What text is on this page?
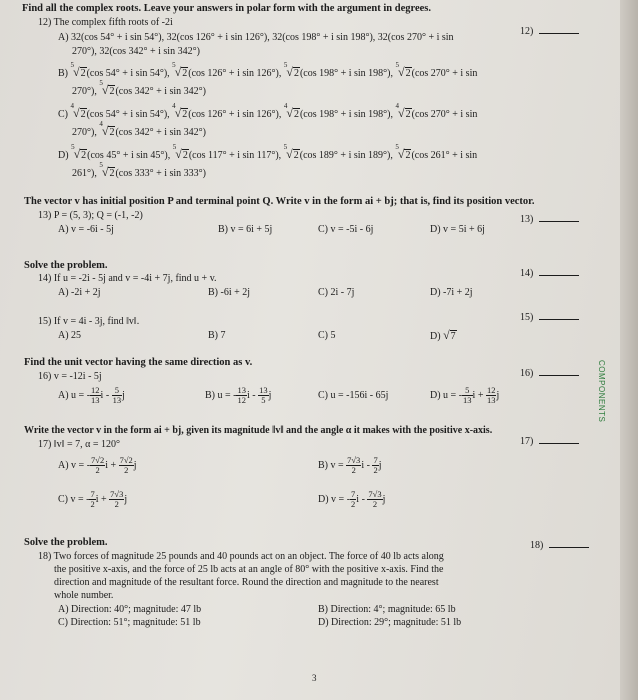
Find all the complex roots. Leave your answers in polar form with the argument in degrees.
12) The complex fifth roots of -2i
12)
A) 32(cos 54° + i sin 54°), 32(cos 126° + i sin 126°), 32(cos 198° + i sin 198°), 32(cos 270° + i sin
270°), 32(cos 342° + i sin 342°)
B) $^5$√2(cos 54° + i sin 54°), $^5$√2(cos 126° + i sin 126°), $^5$√2(cos 198° + i sin 198°), $^5$√2(cos 270° + i sin
270°), $^5$√2(cos 342° + i sin 342°)
C) $^4$√2(cos 54° + i sin 54°), $^4$√2(cos 126° + i sin 126°), $^4$√2(cos 198° + i sin 198°), $^4$√2(cos 270° + i sin
270°), $^4$√2(cos 342° + i sin 342°)
D) $^5$√2(cos 45° + i sin 45°), $^5$√2(cos 117° + i sin 117°), $^5$√2(cos 189° + i sin 189°), $^5$√2(cos 261° + i sin
261°), $^5$√2(cos 333° + i sin 333°)
The vector v has initial position P and terminal point Q. Write v in the form ai + bj; that is, find its position vector.
13) P = (5, 3); Q = (-1, -2)	13)
A) v = -6i - 5j	B) v = 6i + 5j	C) v = -5i - 6j	D) v = 5i + 6j
Solve the problem.
14) If u = -2i - 5j and v = -4i + 7j, find u + v.	14)
A) -2i + 2j	B) -6i + 2j	C) 2i - 7j	D) -7i + 2j
15) If v = 4i - 3j, find ‖v‖.	15)
A) 25	B) 7	C) 5	D) √7
Find the unit vector having the same direction as v.
16) v = -12i - 5j	16)
A) u = - $\frac{12}{13}$ i - $\frac{5}{13}$ j	B) u = - $\frac{13}{12}$ i - $\frac{13}{5}$ j	C) u = -156i - 65j	D) u = - $\frac{5}{13}$ $i + \frac{12}{13}$ j
Write the vector v in the form ai + bj, given its magnitude ‖v‖ and the angle α it makes with the positive x-axis.
17) ‖v‖ = 7, α = 120°	17)
A) v = - $\frac{7√2}{2}$ $i + \frac{7√2}{2}$ j	B) $v = \frac{7√3}{2}$ i - $\frac{7}{2}$ j
C) v = - $\frac{7}{2}$ $i + \frac{7√3}{2}$ j	D) v = - $\frac{7}{2}$ i - $\frac{7√3}{2}$ j
Solve the problem.	18)
18) Two forces of magnitude 25 pounds and 40 pounds act on an object. The force of 40 lb acts along
the positive x-axis, and the force of 25 lb acts at an angle of 80° with the positive x-axis. Find the
direction and magnitude of the resultant force. Round the direction and magnitude to the nearest
whole number.
A) Direction: 40°; magnitude: 47 lb	B) Direction: 4°; magnitude: 65 lb
C) Direction: 51°; magnitude: 51 lb	D) Direction: 29°; magnitude: 51 lb
3
COMPONENTS
